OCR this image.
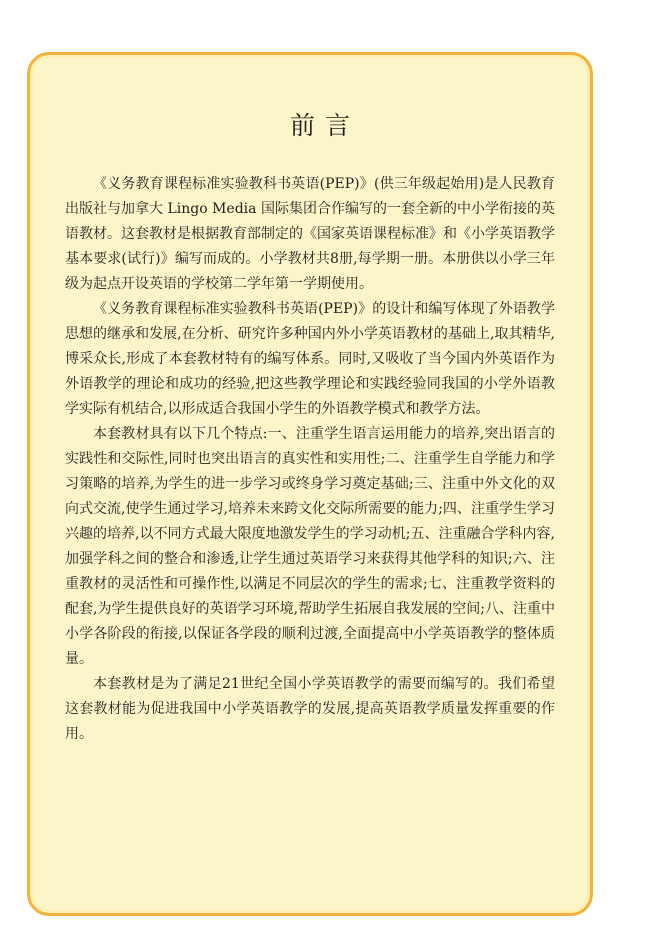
前言

《义务教育课程标准实验教科书英语(PEP)》(供三年级起始用)是人民教育出版社与加拿大 Lingo Media 国际集团合作编写的一套全新的中小学衔接的英语教材。这套教材是根据教育部制定的《国家英语课程标准》和《小学英语教学基本要求(试行)》编写而成的。小学教材共8册,每学期一册。本册供以小学三年级为起点开设英语的学校第二学年第一学期使用。

《义务教育课程标准实验教科书英语(PEP)》的设计和编写体现了外语教学思想的继承和发展,在分析、研究许多种国内外小学英语教材的基础上,取其精华,博采众长,形成了本套教材特有的编写体系。同时,又吸收了当今国内外英语作为外语教学的理论和成功的经验,把这些教学理论和实践经验同我国的小学外语教学实际有机结合,以形成适合我国小学生的外语教学模式和教学方法。

本套教材具有以下几个特点:一、注重学生语言运用能力的培养,突出语言的实践性和交际性,同时也突出语言的真实性和实用性;二、注重学生自学能力和学习策略的培养,为学生的进一步学习或终身学习奠定基础;三、注重中外文化的双向式交流,使学生通过学习,培养未来跨文化交际所需要的能力;四、注重学生学习兴趣的培养,以不同方式最大限度地激发学生的学习动机;五、注重融合学科内容,加强学科之间的整合和渗透,让学生通过英语学习来获得其他学科的知识;六、注重教材的灵活性和可操作性,以满足不同层次的学生的需求;七、注重教学资料的配套,为学生提供良好的英语学习环境,帮助学生拓展自我发展的空间;八、注重中小学各阶段的衔接,以保证各学段的顺利过渡,全面提高中小学英语教学的整体质量。

本套教材是为了满足21世纪全国小学英语教学的需要而编写的。我们希望这套教材能为促进我国中小学英语教学的发展,提高英语教学质量发挥重要的作用。
